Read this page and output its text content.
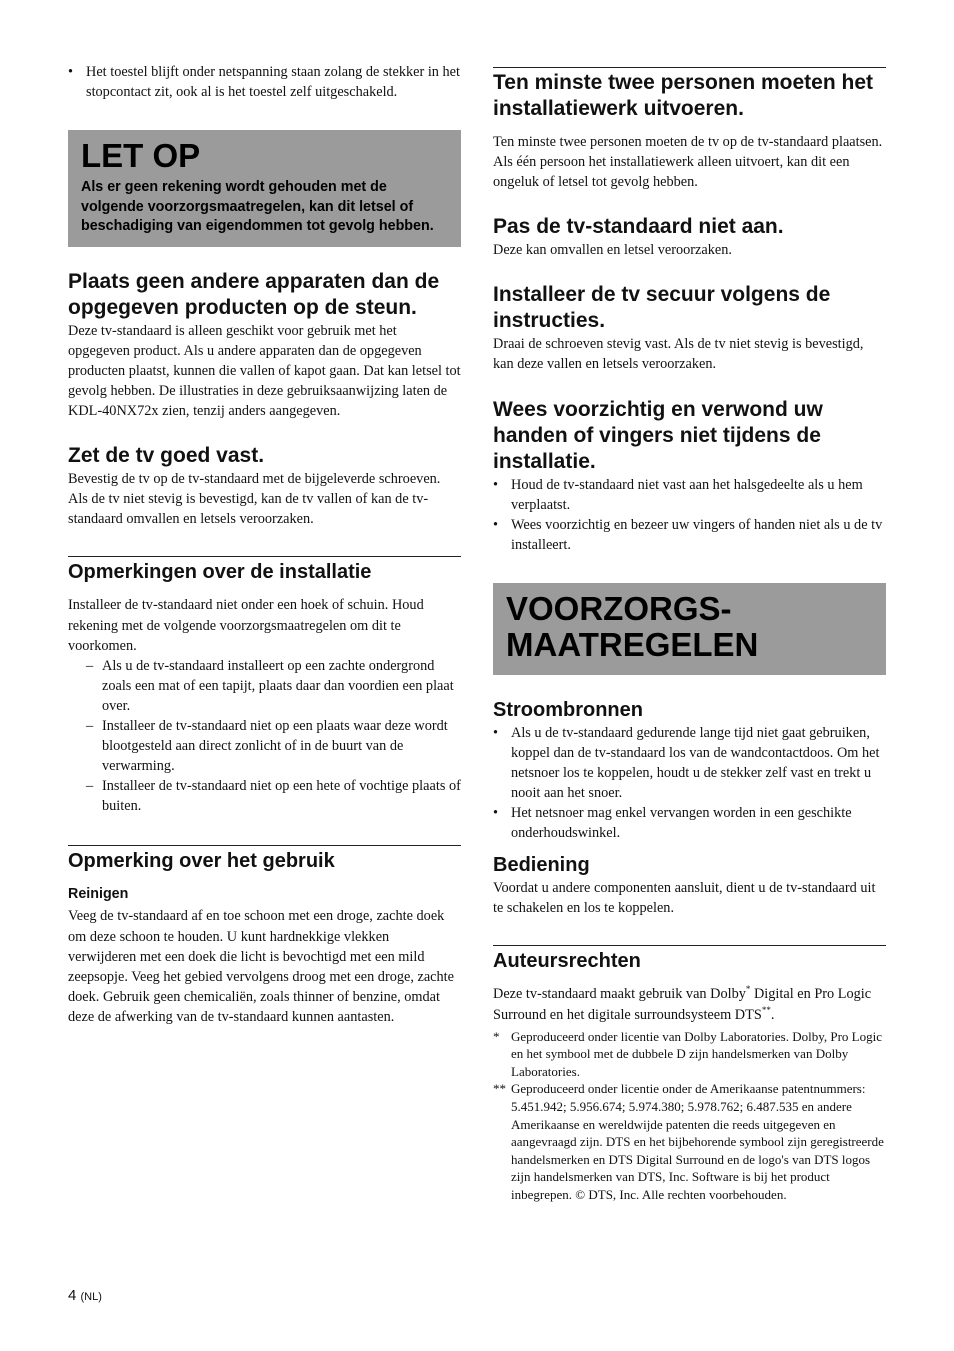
• Het toestel blijft onder netspanning staan zolang de stekker in het stopcontact zit, ook al is het toestel zelf uitgeschakeld.

LET OP

Als er geen rekening wordt gehouden met de volgende voorzorgsmaatregelen, kan dit letsel of beschadiging van eigendommen tot gevolg hebben.

Plaats geen andere apparaten dan de opgegeven producten op de steun.

Deze tv-standaard is alleen geschikt voor gebruik met het opgegeven product. Als u andere apparaten dan de opgegeven producten plaatst, kunnen die vallen of kapot gaan. Dat kan letsel tot gevolg hebben. De illustraties in deze gebruiksaanwijzing laten de KDL-40NX72x zien, tenzij anders aangegeven.

Zet de tv goed vast.

Bevestig de tv op de tv-standaard met de bijgeleverde schroeven. Als de tv niet stevig is bevestigd, kan de tv vallen of kan de tv-standaard omvallen en letsels veroorzaken.

Opmerkingen over de installatie

Installeer de tv-standaard niet onder een hoek of schuin. Houd rekening met de volgende voorzorgsmaatregelen om dit te voorkomen.

– Als u de tv-standaard installeert op een zachte ondergrond zoals een mat of een tapijt, plaats daar dan voordien een plaat over.
– Installeer de tv-standaard niet op een plaats waar deze wordt blootgesteld aan direct zonlicht of in de buurt van de verwarming.
– Installeer de tv-standaard niet op een hete of vochtige plaats of buiten.

Opmerking over het gebruik

Reinigen

Veeg de tv-standaard af en toe schoon met een droge, zachte doek om deze schoon te houden. U kunt hardnekkige vlekken verwijderen met een doek die licht is bevochtigd met een mild zeepsopje. Veeg het gebied vervolgens droog met een droge, zachte doek. Gebruik geen chemicaliën, zoals thinner of benzine, omdat deze de afwerking van de tv-standaard kunnen aantasten.

Ten minste twee personen moeten het installatiewerk uitvoeren.

Ten minste twee personen moeten de tv op de tv-standaard plaatsen. Als één persoon het installatiewerk alleen uitvoert, kan dit een ongeluk of letsel tot gevolg hebben.

Pas de tv-standaard niet aan.

Deze kan omvallen en letsel veroorzaken.

Installeer de tv secuur volgens de instructies.

Draai de schroeven stevig vast. Als de tv niet stevig is bevestigd, kan deze vallen en letsels veroorzaken.

Wees voorzichtig en verwond uw handen of vingers niet tijdens de installatie.

• Houd de tv-standaard niet vast aan het halsgedeelte als u hem verplaatst.
• Wees voorzichtig en bezeer uw vingers of handen niet als u de tv installeert.

VOORZORGS-
MAATREGELEN

Stroombronnen

• Als u de tv-standaard gedurende lange tijd niet gaat gebruiken, koppel dan de tv-standaard los van de wandcontactdoos. Om het netsnoer los te koppelen, houdt u de stekker zelf vast en trekt u nooit aan het snoer.
• Het netsnoer mag enkel vervangen worden in een geschikte onderhoudswinkel.

Bediening

Voordat u andere componenten aansluit, dient u de tv-standaard uit te schakelen en los te koppelen.

Auteursrechten

Deze tv-standaard maakt gebruik van Dolby* Digital en Pro Logic Surround en het digitale surroundsysteem DTS**.

* Geproduceerd onder licentie van Dolby Laboratories. Dolby, Pro Logic en het symbool met de dubbele D zijn handelsmerken van Dolby Laboratories.
** Geproduceerd onder licentie onder de Amerikaanse patentnummers: 5.451.942; 5.956.674; 5.974.380; 5.978.762; 6.487.535 en andere Amerikaanse en wereldwijde patenten die reeds uitgegeven en aangevraagd zijn. DTS en het bijbehorende symbool zijn geregistreerde handelsmerken en DTS Digital Surround en de logo's van DTS logos zijn handelsmerken van DTS, Inc. Software is bij het product inbegrepen. © DTS, Inc. Alle rechten voorbehouden.
4 (NL)
